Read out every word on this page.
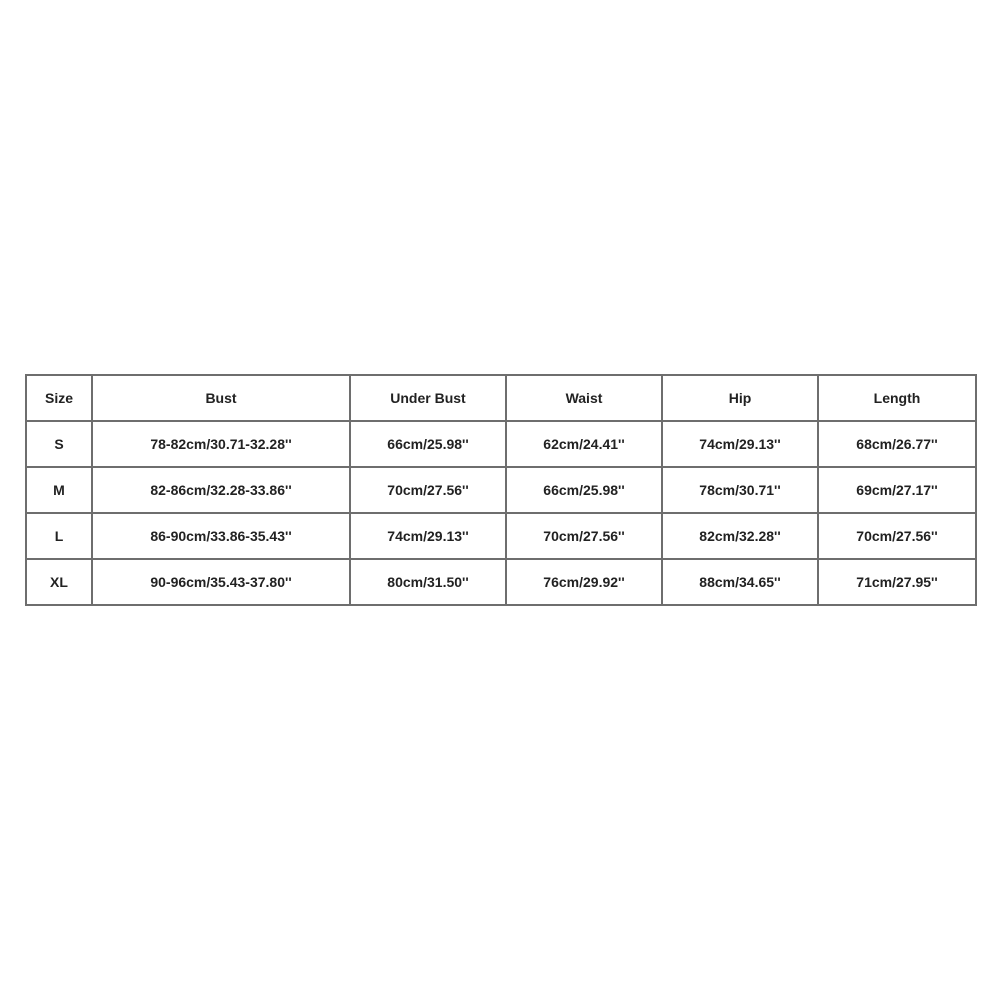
Size	Bust	Under Bust	Waist	Hip	Length
S	78-82cm/30.71-32.28''	66cm/25.98''	62cm/24.41''	74cm/29.13''	68cm/26.77''
M	82-86cm/32.28-33.86''	70cm/27.56''	66cm/25.98''	78cm/30.71''	69cm/27.17''
L	86-90cm/33.86-35.43''	74cm/29.13''	70cm/27.56''	82cm/32.28''	70cm/27.56''
XL	90-96cm/35.43-37.80''	80cm/31.50''	76cm/29.92''	88cm/34.65''	71cm/27.95''
